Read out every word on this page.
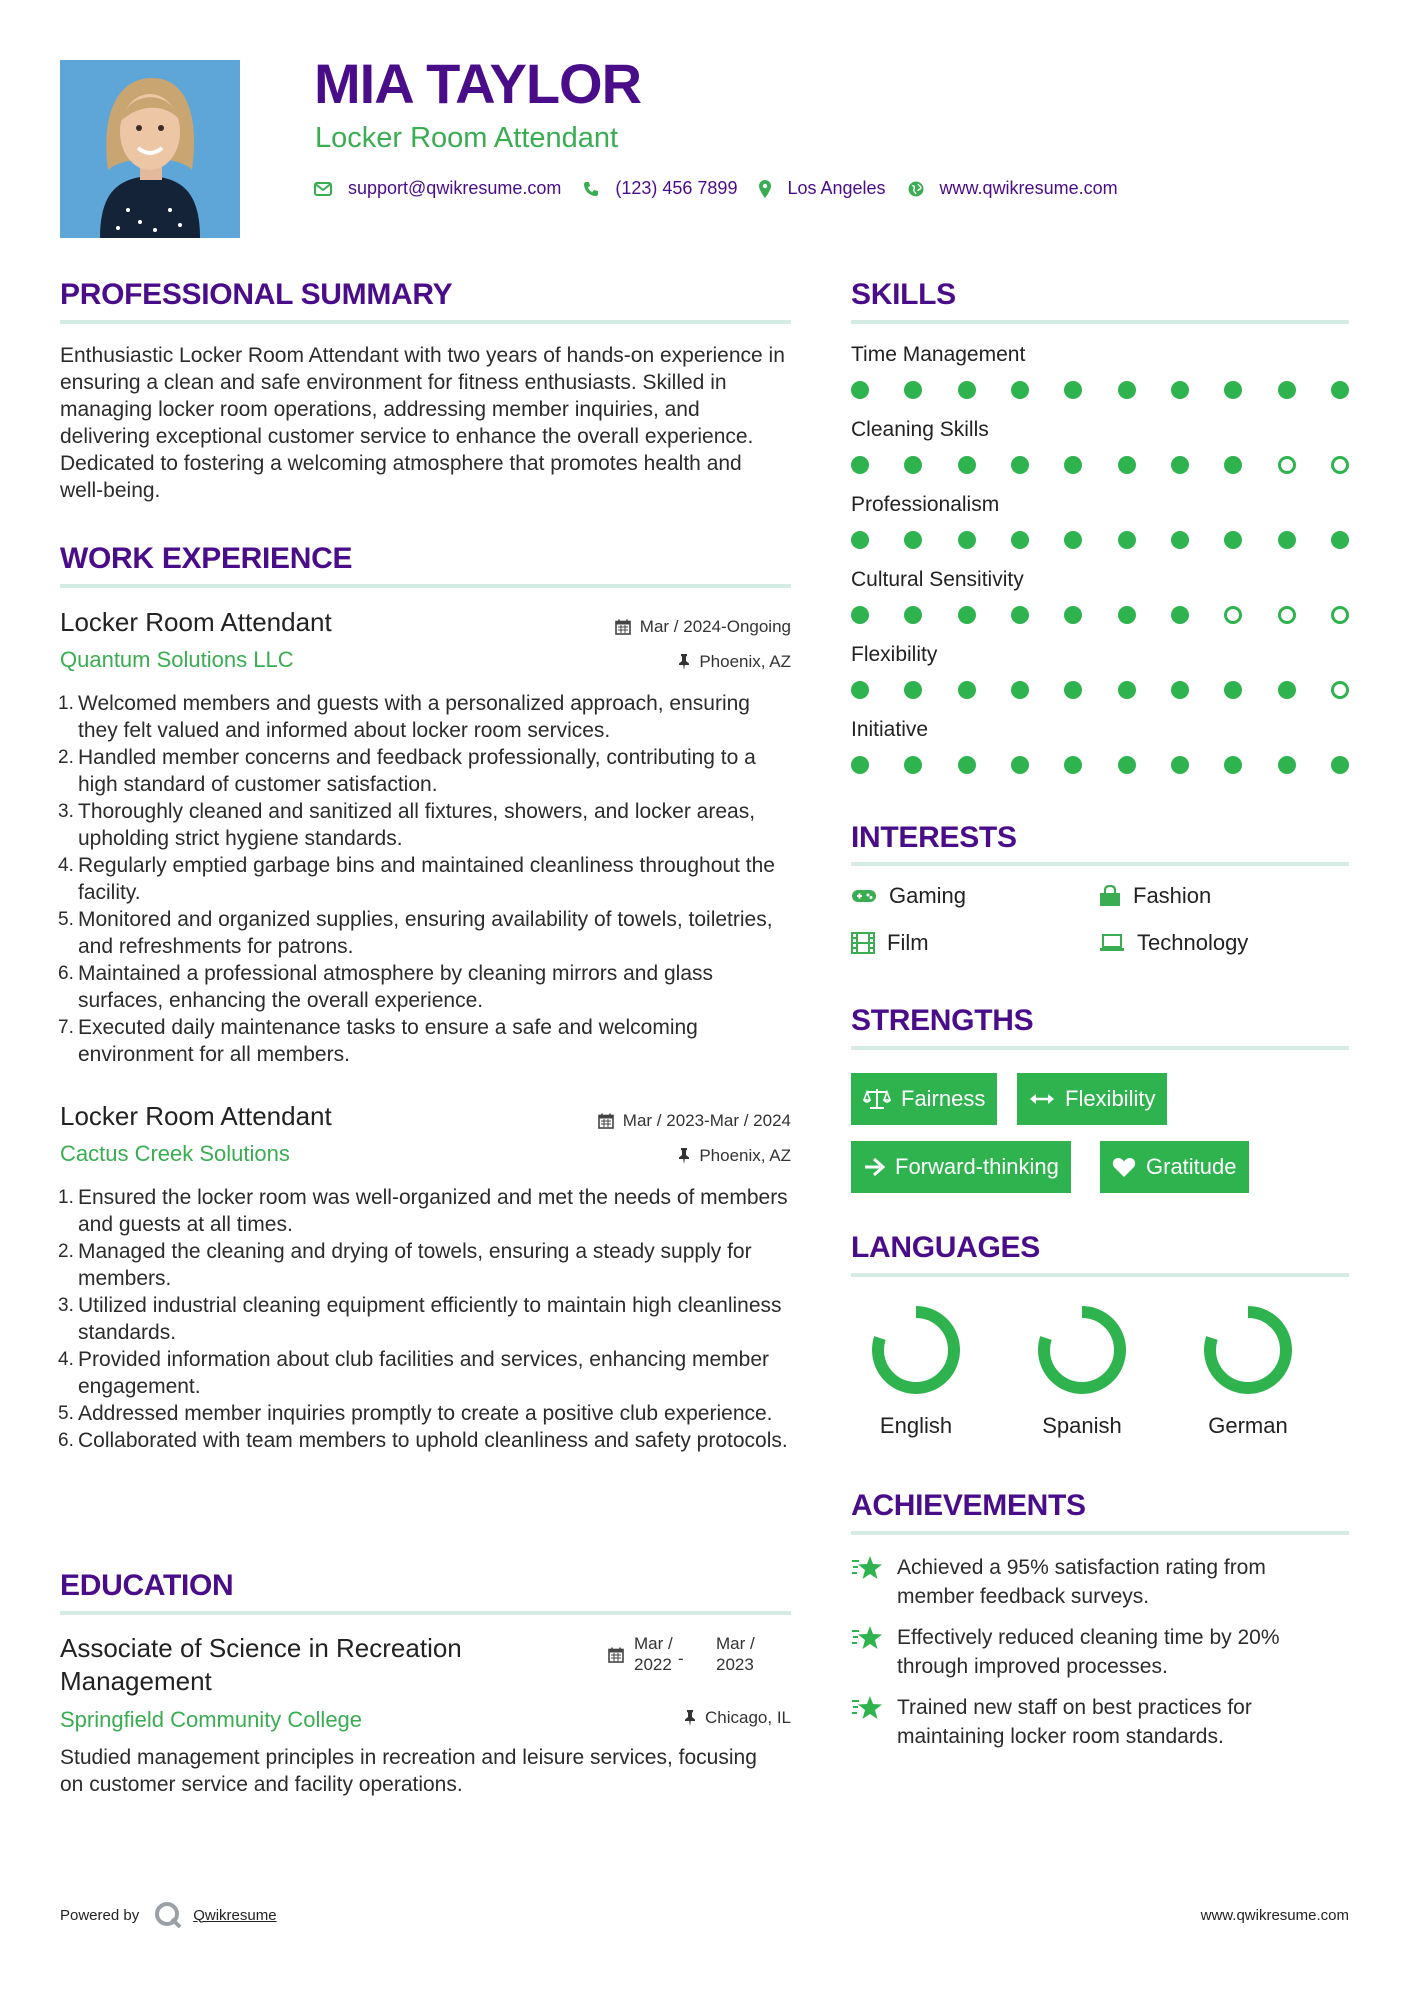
MIA TAYLOR
Locker Room Attendant
support@qwikresume.com	(123) 456 7899	Los Angeles	www.qwikresume.com
PROFESSIONAL SUMMARY
Enthusiastic Locker Room Attendant with two years of hands-on experience in ensuring a clean and safe environment for fitness enthusiasts. Skilled in managing locker room operations, addressing member inquiries, and delivering exceptional customer service to enhance the overall experience. Dedicated to fostering a welcoming atmosphere that promotes health and well-being.
WORK EXPERIENCE
Locker Room Attendant	Mar / 2024-Ongoing
Quantum Solutions LLC	Phoenix, AZ
1. Welcomed members and guests with a personalized approach, ensuring they felt valued and informed about locker room services.
2. Handled member concerns and feedback professionally, contributing to a high standard of customer satisfaction.
3. Thoroughly cleaned and sanitized all fixtures, showers, and locker areas, upholding strict hygiene standards.
4. Regularly emptied garbage bins and maintained cleanliness throughout the facility.
5. Monitored and organized supplies, ensuring availability of towels, toiletries, and refreshments for patrons.
6. Maintained a professional atmosphere by cleaning mirrors and glass surfaces, enhancing the overall experience.
7. Executed daily maintenance tasks to ensure a safe and welcoming environment for all members.
Locker Room Attendant	Mar / 2023-Mar / 2024
Cactus Creek Solutions	Phoenix, AZ
1. Ensured the locker room was well-organized and met the needs of members and guests at all times.
2. Managed the cleaning and drying of towels, ensuring a steady supply for members.
3. Utilized industrial cleaning equipment efficiently to maintain high cleanliness standards.
4. Provided information about club facilities and services, enhancing member engagement.
5. Addressed member inquiries promptly to create a positive club experience.
6. Collaborated with team members to uphold cleanliness and safety protocols.
EDUCATION
Associate of Science in Recreation Management
Mar / 2022 -
Mar / 2023
Springfield Community College	Chicago, IL
Studied management principles in recreation and leisure services, focusing on customer service and facility operations.
SKILLS
Time Management
Cleaning Skills
Professionalism
Cultural Sensitivity
Flexibility
Initiative
INTERESTS
Gaming	Fashion
Film	Technology
STRENGTHS
Fairness	Flexibility
Forward-thinking	Gratitude
LANGUAGES
English	Spanish	German
ACHIEVEMENTS
Achieved a 95% satisfaction rating from member feedback surveys.
Effectively reduced cleaning time by 20% through improved processes.
Trained new staff on best practices for maintaining locker room standards.
Powered by	Qwikresume	www.qwikresume.com
